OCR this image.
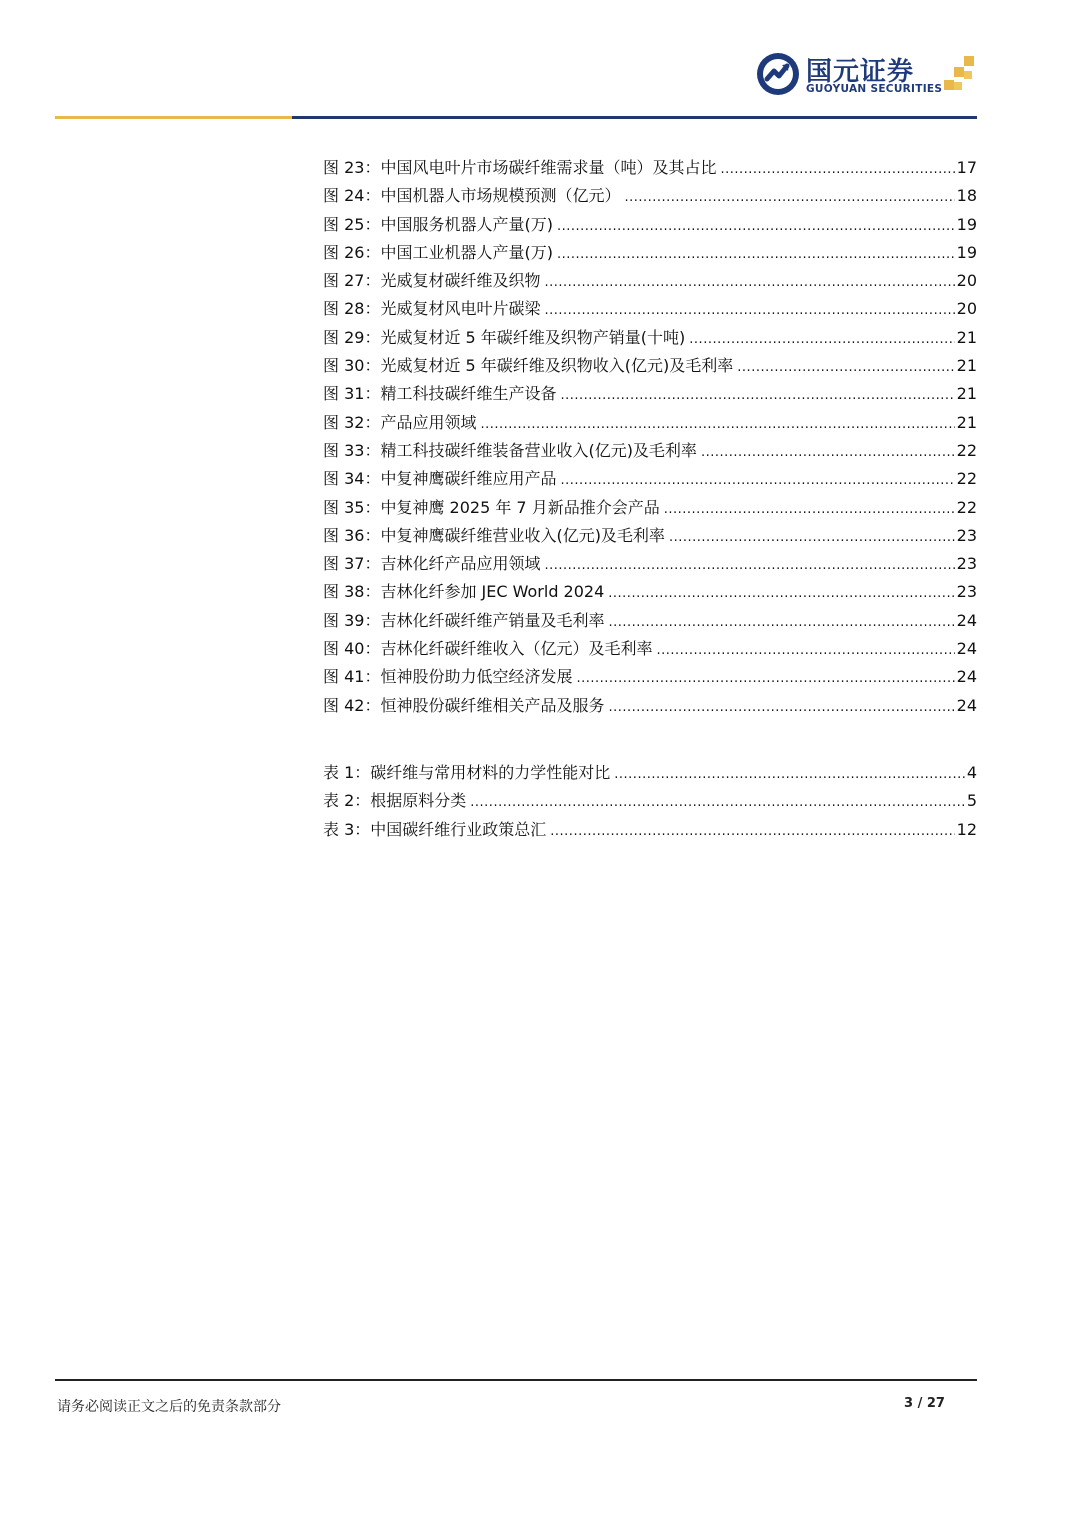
国元证券
GUOYUAN SECURITIES
图 23：中国风电叶片市场碳纤维需求量（吨）及其占比 .....	17
图 24：中国机器人市场规模预测（亿元） .....	18
图 25：中国服务机器人产量(万) .....	19
图 26：中国工业机器人产量(万) .....	19
图 27：光威复材碳纤维及织物 .....	20
图 28：光威复材风电叶片碳梁 .....	20
图 29：光威复材近 5 年碳纤维及织物产销量(十吨) .....	21
图 30：光威复材近 5 年碳纤维及织物收入(亿元)及毛利率 .....	21
图 31：精工科技碳纤维生产设备 .....	21
图 32：产品应用领域 .....	21
图 33：精工科技碳纤维装备营业收入(亿元)及毛利率 .....	22
图 34：中复神鹰碳纤维应用产品 .....	22
图 35：中复神鹰 2025 年 7 月新品推介会产品 .....	22
图 36：中复神鹰碳纤维营业收入(亿元)及毛利率 .....	23
图 37：吉林化纤产品应用领域 .....	23
图 38：吉林化纤参加 JEC World 2024 .....	23
图 39：吉林化纤碳纤维产销量及毛利率 .....	24
图 40：吉林化纤碳纤维收入（亿元）及毛利率 .....	24
图 41：恒神股份助力低空经济发展 .....	24
图 42：恒神股份碳纤维相关产品及服务 .....	24
表 1：碳纤维与常用材料的力学性能对比 .....	4
表 2：根据原料分类 .....	5
表 3：中国碳纤维行业政策总汇 .....	12
请务必阅读正文之后的免责条款部分	3 / 27
